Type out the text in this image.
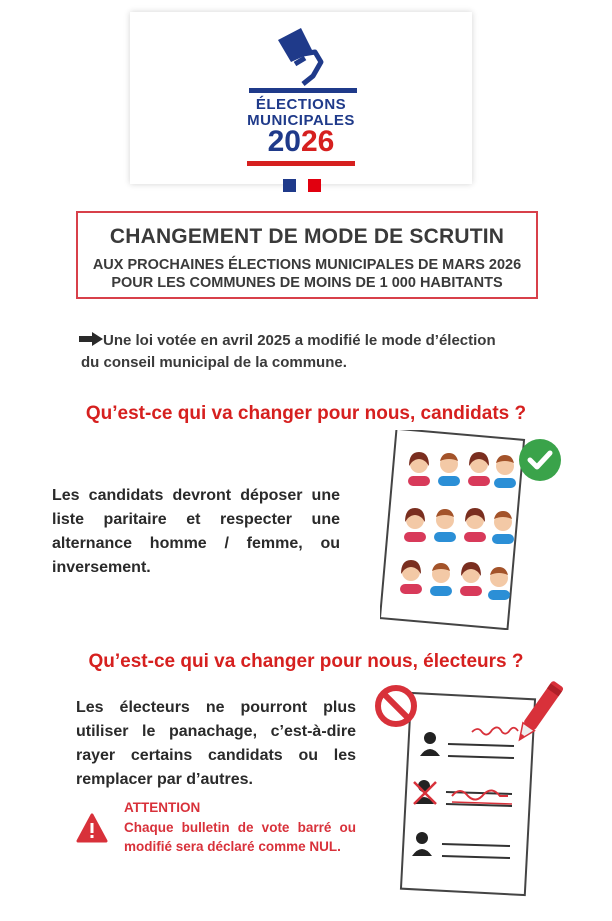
ÉLECTIONS
MUNICIPALES
2026
CHANGEMENT DE MODE DE SCRUTIN
AUX PROCHAINES ÉLECTIONS MUNICIPALES DE MARS 2026
POUR LES COMMUNES DE MOINS DE 1 000 HABITANTS
Une loi votée en avril 2025 a modifié le mode d’élection
du conseil municipal de la commune.
Qu’est-ce qui va changer pour nous, candidats ?
Les candidats devront déposer une liste paritaire et respecter une alternance homme / femme, ou inversement.
Qu’est-ce qui va changer pour nous, électeurs ?
Les électeurs ne pourront plus utiliser le panachage, c’est-à-dire rayer certains candidats ou les remplacer par d’autres.
ATTENTION
Chaque bulletin de vote barré ou modifié sera déclaré comme NUL.
